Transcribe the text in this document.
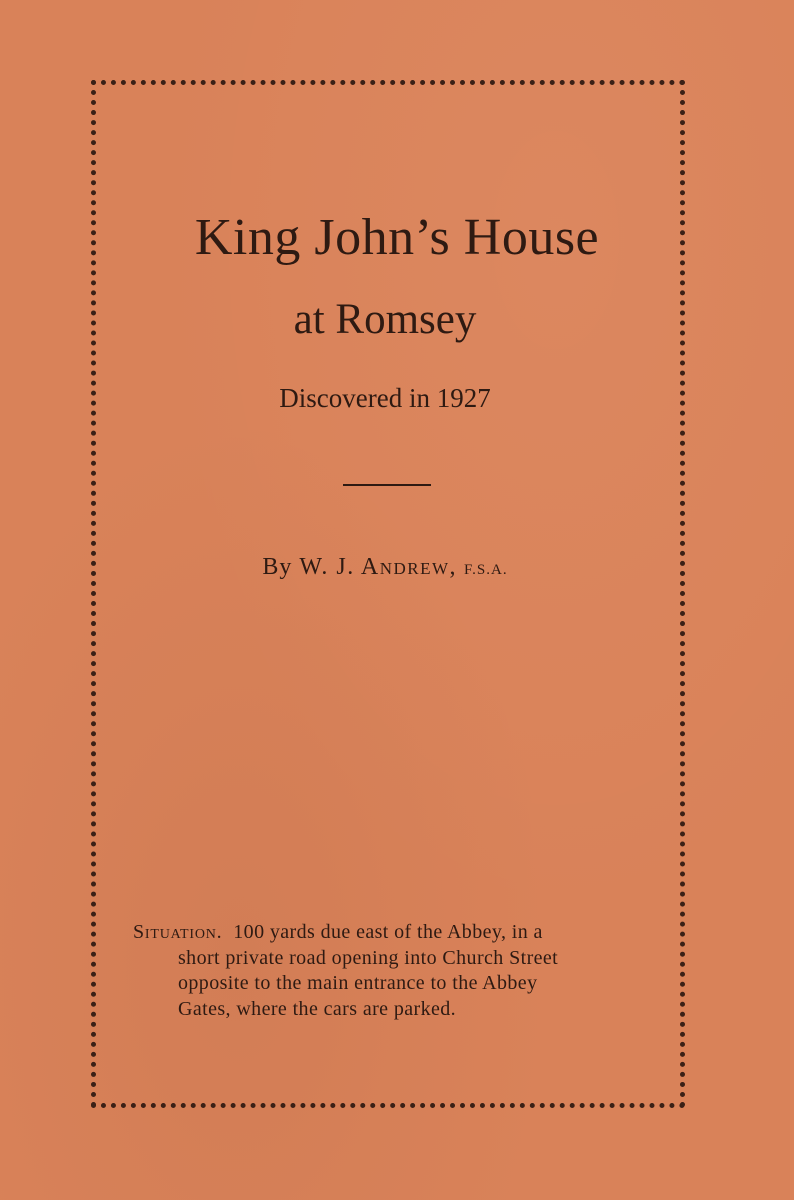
King John’s House
at Romsey
Discovered in 1927
By W. J. Andrew, F.S.A.
Situation. 100 yards due east of the Abbey, in a
short private road opening into Church Street
opposite to the main entrance to the Abbey
Gates, where the cars are parked.
